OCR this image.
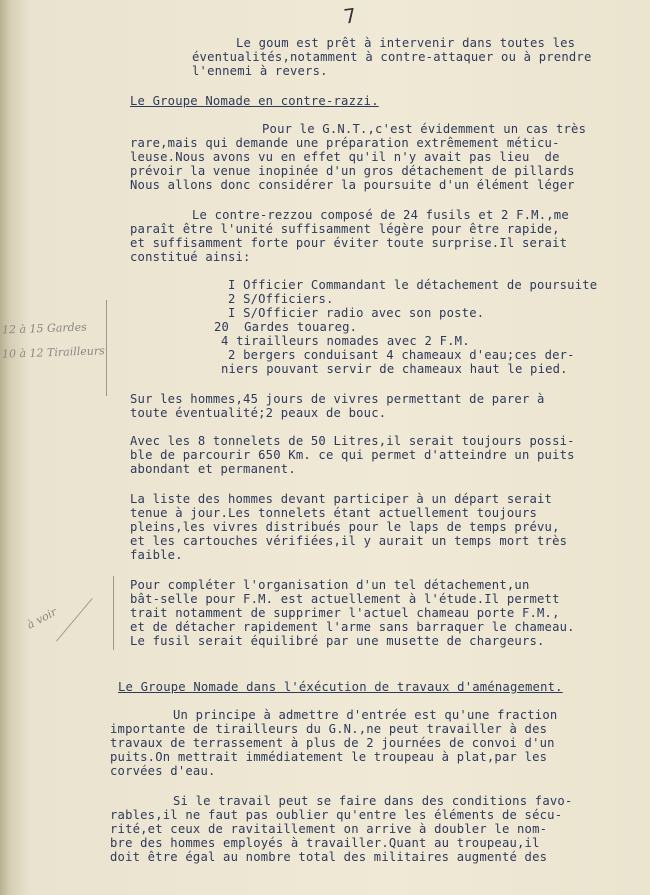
7
Le goum est prêt à intervenir dans toutes les
éventualités,notamment à contre-attaquer ou à prendre
l'ennemi à revers.
Le Groupe Nomade en contre-razzi.
Pour le G.N.T.,c'est évidemment un cas très
rare,mais qui demande une préparation extrêmement méticu-
leuse.Nous avons vu en effet qu'il n'y avait pas lieu  de
prévoir la venue inopinée d'un gros détachement de pillards
Nous allons donc considérer la poursuite d'un élément léger
Le contre-rezzou composé de 24 fusils et 2 F.M.,me
paraît être l'unité suffisamment légère pour être rapide,
et suffisamment forte pour éviter toute surprise.Il serait
constitué ainsi:
I Officier Commandant le détachement de poursuite
2 S/Officiers.
I S/Officier radio avec son poste.
20  Gardes touareg.
4 tirailleurs nomades avec 2 F.M.
2 bergers conduisant 4 chameaux d'eau;ces der-
niers pouvant servir de chameaux haut le pied.
Sur les hommes,45 jours de vivres permettant de parer à
toute éventualité;2 peaux de bouc.
Avec les 8 tonnelets de 50 Litres,il serait toujours possi-
ble de parcourir 650 Km. ce qui permet d'atteindre un puits
abondant et permanent.
La liste des hommes devant participer à un départ serait
tenue à jour.Les tonnelets étant actuellement toujours
pleins,les vivres distribués pour le laps de temps prévu,
et les cartouches vérifiées,il y aurait un temps mort très
faible.
Pour compléter l'organisation d'un tel détachement,un
bât-selle pour F.M. est actuellement à l'étude.Il permett
trait notamment de supprimer l'actuel chameau porte F.M.,
et de détacher rapidement l'arme sans barraquer le chameau.
Le fusil serait équilibré par une musette de chargeurs.
Le Groupe Nomade dans l'éxécution de travaux d'aménagement.
Un principe à admettre d'entrée est qu'une fraction
importante de tirailleurs du G.N.,ne peut travailler à des
travaux de terrassement à plus de 2 journées de convoi d'un
puits.On mettrait immédiatement le troupeau à plat,par les
corvées d'eau.
Si le travail peut se faire dans des conditions favo-
rables,il ne faut pas oublier qu'entre les éléments de sécu-
rité,et ceux de ravitaillement on arrive à doubler le nom-
bre des hommes employés à travailler.Quant au troupeau,il
doit être égal au nombre total des militaires augmenté des
12 à 15 Gardes
10 à 12 Tirailleurs
à voir
